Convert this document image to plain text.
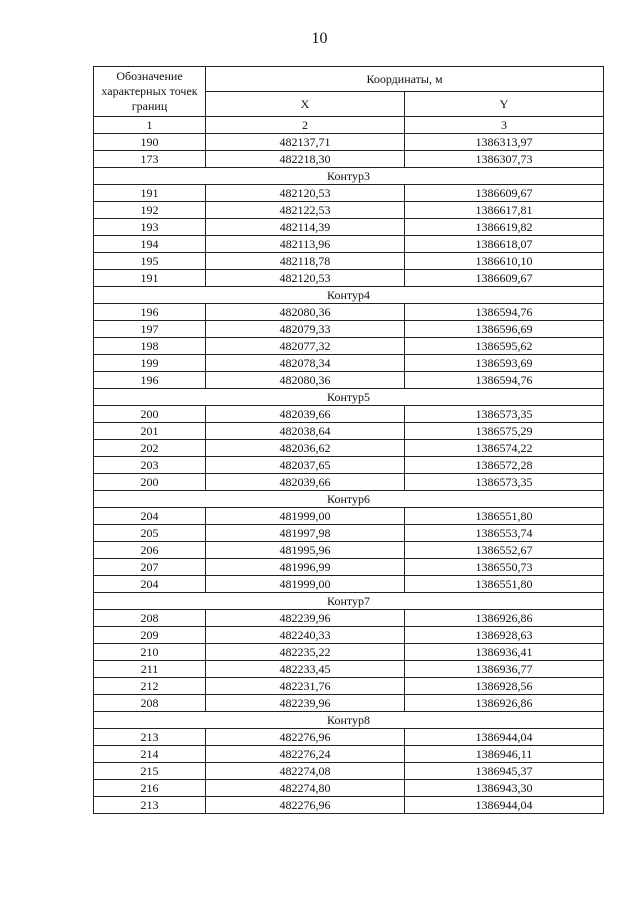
10
Обозначение характерных точек границ	Координаты, м	
	X	Y
1	2	3
190	482137,71	1386313,97
173	482218,30	1386307,73
Контур3		
191	482120,53	1386609,67
192	482122,53	1386617,81
193	482114,39	1386619,82
194	482113,96	1386618,07
195	482118,78	1386610,10
191	482120,53	1386609,67
Контур4		
196	482080,36	1386594,76
197	482079,33	1386596,69
198	482077,32	1386595,62
199	482078,34	1386593,69
196	482080,36	1386594,76
Контур5		
200	482039,66	1386573,35
201	482038,64	1386575,29
202	482036,62	1386574,22
203	482037,65	1386572,28
200	482039,66	1386573,35
Контур6		
204	481999,00	1386551,80
205	481997,98	1386553,74
206	481995,96	1386552,67
207	481996,99	1386550,73
204	481999,00	1386551,80
Контур7		
208	482239,96	1386926,86
209	482240,33	1386928,63
210	482235,22	1386936,41
211	482233,45	1386936,77
212	482231,76	1386928,56
208	482239,96	1386926,86
Контур8		
213	482276,96	1386944,04
214	482276,24	1386946,11
215	482274,08	1386945,37
216	482274,80	1386943,30
213	482276,96	1386944,04
